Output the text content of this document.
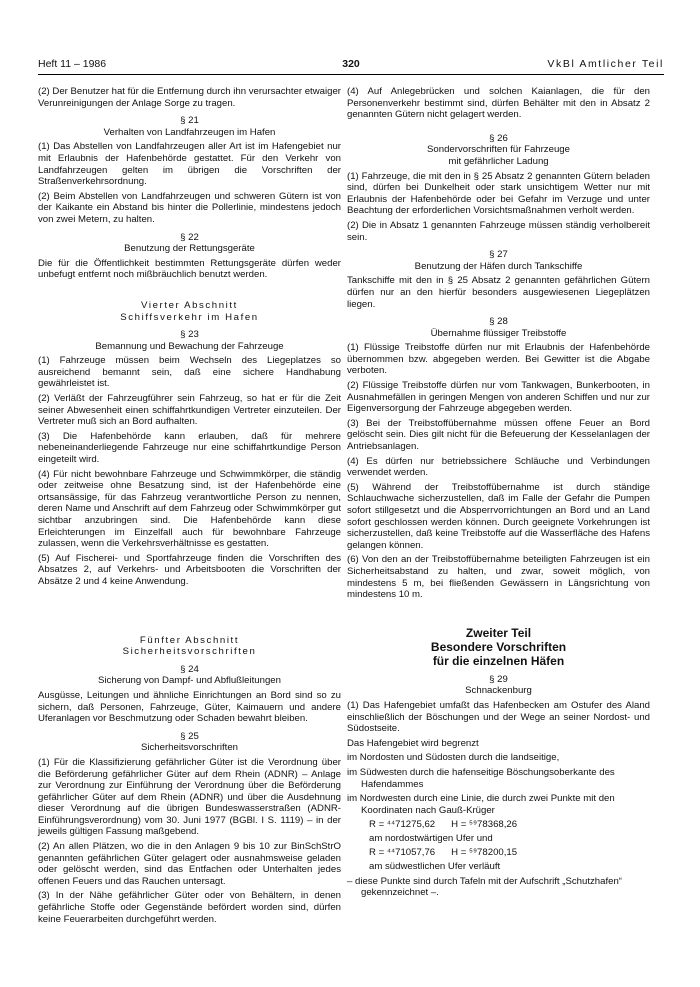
Heft 11 – 1986	320	VkBl Amtlicher Teil

(2) Der Benutzer hat für die Entfernung durch ihn verursachter etwaiger Verunreinigungen der Anlage Sorge zu tragen.

§ 21

Verhalten von Landfahrzeugen im Hafen

(1) Das Abstellen von Landfahrzeugen aller Art ist im Hafengebiet nur mit Erlaubnis der Hafenbehörde gestattet. Für den Verkehr von Landfahrzeugen gelten im übrigen die Vorschriften der Straßenverkehrsordnung.

(2) Beim Abstellen von Landfahrzeugen und schweren Gütern ist von der Kaikante ein Abstand bis hinter die Pollerlinie, mindestens jedoch von zwei Metern, zu halten.

§ 22

Benutzung der Rettungsgeräte

Die für die Öffentlichkeit bestimmten Rettungsgeräte dürfen weder unbefugt entfernt noch mißbräuchlich benutzt werden.

Vierter Abschnitt

Schiffsverkehr im Hafen

§ 23

Bemannung und Bewachung der Fahrzeuge

(1) Fahrzeuge müssen beim Wechseln des Liegeplatzes so ausreichend bemannt sein, daß eine sichere Handhabung gewährleistet ist.

(2) Verläßt der Fahrzeugführer sein Fahrzeug, so hat er für die Zeit seiner Abwesenheit einen schiffahrtkundigen Vertreter einzuteilen. Der Vertreter muß sich an Bord aufhalten.

(3) Die Hafenbehörde kann erlauben, daß für mehrere nebeneinanderliegende Fahrzeuge nur eine schiffahrtkundige Person eingeteilt wird.

(4) Für nicht bewohnbare Fahrzeuge und Schwimmkörper, die ständig oder zeitweise ohne Besatzung sind, ist der Hafenbehörde eine ortsansässige, für das Fahrzeug verantwortliche Person zu nennen, deren Name und Anschrift auf dem Fahrzeug oder Schwimmkörper gut sichtbar anzubringen sind. Die Hafenbehörde kann diese Erleichterungen im Einzelfall auch für bewohnbare Fahrzeuge zulassen, wenn die Verkehrsverhältnisse es gestatten.

(5) Auf Fischerei- und Sportfahrzeuge finden die Vorschriften des Absatzes 2, auf Verkehrs- und Arbeitsbooten die Vorschriften der Absätze 2 und 4 keine Anwendung.

Fünfter Abschnitt

Sicherheitsvorschriften

§ 24

Sicherung von Dampf- und Abflußleitungen

Ausgüsse, Leitungen und ähnliche Einrichtungen an Bord sind so zu sichern, daß Personen, Fahrzeuge, Güter, Kaimauern und andere Uferanlagen vor Beschmutzung oder Schaden bewahrt bleiben.

§ 25

Sicherheitsvorschriften

(1) Für die Klassifizierung gefährlicher Güter ist die Verordnung über die Beförderung gefährlicher Güter auf dem Rhein (ADNR) – Anlage zur Verordnung zur Einführung der Verordnung über die Beförderung gefährlicher Güter auf dem Rhein (ADNR) und über die Ausdehnung dieser Verordnung auf die übrigen Bundeswasserstraßen (ADNR-Einführungsverordnung) vom 30. Juni 1977 (BGBl. I S. 1119) – in der jeweils gültigen Fassung maßgebend.

(2) An allen Plätzen, wo die in den Anlagen 9 bis 10 zur BinSchStrO genannten gefährlichen Güter gelagert oder ausnahmsweise geladen oder gelöscht werden, sind das Entfachen oder Unterhalten jedes offenen Feuers und das Rauchen untersagt.

(3) In der Nähe gefährlicher Güter oder von Behältern, in denen gefährliche Stoffe oder Gegenstände befördert worden sind, dürfen keine Feuerarbeiten durchgeführt werden.

(4) Auf Anlegebrücken und solchen Kaianlagen, die für den Personenverkehr bestimmt sind, dürfen Behälter mit den in Absatz 2 genannten Gütern nicht gelagert werden.

§ 26

Sondervorschriften für Fahrzeuge

mit gefährlicher Ladung

(1) Fahrzeuge, die mit den in § 25 Absatz 2 genannten Gütern beladen sind, dürfen bei Dunkelheit oder stark unsichtigem Wetter nur mit Erlaubnis der Hafenbehörde oder bei Gefahr im Verzuge und unter Beachtung der erforderlichen Vorsichtsmaßnahmen verholt werden.

(2) Die in Absatz 1 genannten Fahrzeuge müssen ständig verholbereit sein.

§ 27

Benutzung der Häfen durch Tankschiffe

Tankschiffe mit den in § 25 Absatz 2 genannten gefährlichen Gütern dürfen nur an den hierfür besonders ausgewiesenen Liegeplätzen liegen.

§ 28

Übernahme flüssiger Treibstoffe

(1) Flüssige Treibstoffe dürfen nur mit Erlaubnis der Hafenbehörde übernommen bzw. abgegeben werden. Bei Gewitter ist die Abgabe verboten.

(2) Flüssige Treibstoffe dürfen nur vom Tankwagen, Bunkerbooten, in Ausnahmefällen in geringen Mengen von anderen Schiffen und nur zur Eigenversorgung der Fahrzeuge abgegeben werden.

(3) Bei der Treibstoffübernahme müssen offene Feuer an Bord gelöscht sein. Dies gilt nicht für die Befeuerung der Kesselanlagen der Antriebsanlagen.

(4) Es dürfen nur betriebssichere Schläuche und Verbindungen verwendet werden.

(5) Während der Treibstoffübernahme ist durch ständige Schlauchwache sicherzustellen, daß im Falle der Gefahr die Pumpen sofort stillgesetzt und die Absperrvorrichtungen an Bord und an Land sofort geschlossen werden können. Durch geeignete Vorkehrungen ist sicherzustellen, daß keine Treibstoffe auf die Wasserfläche des Hafens gelangen können.

(6) Von den an der Treibstoffübernahme beteiligten Fahrzeugen ist ein Sicherheitsabstand zu halten, und zwar, soweit möglich, von mindestens 5 m, bei fließenden Gewässern in Längsrichtung von mindestens 10 m.

Zweiter Teil

Besondere Vorschriften

für die einzelnen Häfen

§ 29

Schnackenburg

(1) Das Hafengebiet umfaßt das Hafenbecken am Ostufer des Aland einschließlich der Böschungen und der Wege an seiner Nordost- und Südostseite.

Das Hafengebiet wird begrenzt

im Nordosten und Südosten durch die landseitige,

im Südwesten durch die hafenseitige Böschungsoberkante des Hafendammes

im Nordwesten durch eine Linie, die durch zwei Punkte mit den Koordinaten nach Gauß-Krüger

R = ⁴⁴71275,62      H = ⁵⁹78368,26

am nordostwärtigen Ufer und

R = ⁴⁴71057,76      H = ⁵⁹78200,15

am südwestlichen Ufer verläuft

– diese Punkte sind durch Tafeln mit der Aufschrift „Schutzhafen“ gekennzeichnet –.
